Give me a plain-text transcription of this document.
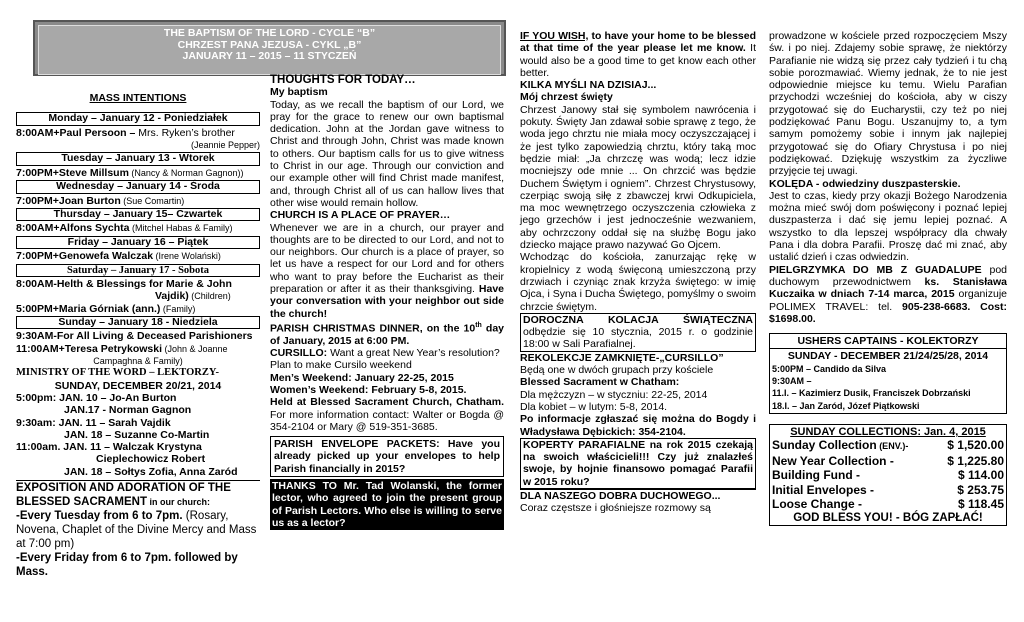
THE BAPTISM OF THE LORD - CYCLE “B”
CHRZEST PANA JEZUSA - CYKL „B”
JANUARY 11 – 2015 – 11 STYCZEŃ
MASS INTENTIONS
Monday – January 12 - Poniedziałek

8:00AM+Paul Persoon – Mrs. Ryken’s brother

(Jeannie Pepper)

Tuesday – January 13 - Wtorek

7:00PM+Steve Millsum (Nancy & Norman Gagnon))

Wednesday – January 14 - Środa

7:00PM+Joan Burton (Sue Comartin)

Thursday – January 15– Czwartek

8:00AM+Alfons Sychta (Mitchel Habas & Family)

Friday – January 16 – Piątek

7:00PM+Genowefa Walczak (Irene Wolański)

Saturday – January 17 - Sobota

8:00AM-Helth & Blessings for Marie & John

Vajdik) (Children)

5:00PM+Maria Górniak (ann.) (Family)

Sunday – January 18 - Niedziela

9:30AM-For All Living & Deceased Parishioners

11:00AM+Teresa Petrykowski (John & Joanne

Campaghna & Family)

MINISTRY OF THE WORD – LEKTORZY-

SUNDAY, DECEMBER 20/21, 2014

5:00pm: JAN. 10 – Jo-An Burton

JAN.17 - Norman Gagnon

9:30am: JAN. 11 – Sarah Vajdik

JAN. 18 – Suzanne Co-Martin

11:00am. JAN. 11 – Walczak Krystyna

Cieplechowicz Robert

JAN. 18 – Sołtys Zofia, Anna Zaród

EXPOSITION AND ADORATION OF THE

BLESSED SACRAMENT in our church:

-Every Tuesday from 6 to 7pm. (Rosary, Novena, Chaplet of the Divine Mercy and Mass at 7:00 pm)

-Every Friday from 6 to 7pm. followed by Mass.

THOUGHTS FOR TODAY…

My baptism

Today, as we recall the baptism of our Lord, we pray for the grace to renew our own baptismal dedication. John at the Jordan gave witness to Christ and through John, Christ was made known to others. Our baptism calls for us to give witness to Christ in our age. Through our conviction and our example other will find Christ made manifest, and, through Christ all of us can hallow lives that other wise would remain hollow.

CHURCH IS A PLACE OF PRAYER…

Whenever we are in a church, our prayer and thoughts are to be directed to our Lord, and not to our neighbors. Our church is a place of prayer, so let us have a respect for our Lord and for others who want to pray before the Eucharist as their preparation or after it as their thanksgiving. Have your conversation with your neighbor out side the church!

PARISH CHRISTMAS DINNER, on the 10th day of January, 2015 at 6:00 PM.

CURSILLO: Want a great New Year’s resolution? Plan to make Cursilo weekend

Men’s Weekend: January 22-25, 2015

Women’s Weekend: February 5-8, 2015.

Held at Blessed Sacrament Church, Chatham. For more information contact: Walter or Bogda @ 354-2104 or Mary @ 519-351-3685.

PARISH ENVELOPE PACKETS: Have you already picked up your envelopes to help Parish financially in 2015?
THANKS TO Mr. Tad Wolanski, the former lector, who agreed to join the present group of Parish Lectors. Who else is willing to serve us as a lector?

IF YOU WISH, to have your home to be blessed at that time of the year please let me know. It would also be a good time to get know each other better.

KILKA MYŚLI NA DZISIAJ...

Mój chrzest święty

Chrzest Janowy stał się symbolem nawrócenia i pokuty. Święty Jan zdawał sobie sprawę z tego, że woda jego chrztu nie miała mocy oczyszczającej i że jest tylko zapowiedzią chrztu, który taką moc będzie miał: „Ja chrzczę was wodą; lecz idzie mocniejszy ode mnie ... On chrzcić was będzie Duchem Świętym i ogniem”. Chrzest Chrystusowy, czerpiąc swoją siłę z zbawczej krwi Odkupiciela, ma moc wewnętrzego oczyszczenia człowieka z jego grzechów i jest jednocześnie wezwaniem, aby ochrzczony oddał się na służbę Bogu jako dziecko mające prawo nazywać Go Ojcem.

Wchodząc do kościoła, zanurzając rękę w kropielnicy z wodą święconą umieszczoną przy drzwiach i czyniąc znak krzyża świętego: w imię Ojca, i Syna i Ducha Świętego, pomyślmy o swoim chrzcie świętym.

DOROCZNA KOLACJA ŚWIĄTECZNA odbędzie się 10 stycznia, 2015 r. o godzinie 18:00 w Sali Parafialnej.

REKOLEKCJE ZAMKNIĘTE-„CURSILLO”

Będą one w dwóch grupach przy kościele

Blessed Sacrament w Chatham:

Dla mężczyzn – w styczniu: 22-25, 2014

Dla kobiet – w lutym: 5-8, 2014.

Po informacje zgłaszać się można do Bogdy i Władysława Dębickich: 354-2104.

KOPERTY PARAFIALNE na rok 2015 czekają na swoich właścicieli!!! Czy już znalazłeś swoje, by hojnie finansowo pomagać Parafii w 2015 roku?

DLA NASZEGO DOBRA DUCHOWEGO...

Coraz częstsze i głośniejsze rozmowy są

prowadzone w kościele przed rozpoczęciem Mszy św. i po niej. Zdajemy sobie sprawę, że niektórzy Parafianie nie widzą się przez cały tydzień i tu chą sobie porozmawiać. Wiemy jednak, że to nie jest odpowiednie miejsce ku temu. Wielu Parafian przychodzi wcześniej do kościoła, aby w ciszy przygotować się do Eucharystii, czy też po niej podziękować Panu Bogu. Uszanujmy to, a tym samym pomożemy sobie i innym jak najlepiej przygotować się do Ofiary Chrystusa i po niej podziękować. Dziękuję wszystkim za życzliwe przyjęcie tej uwagi.

KOLĘDA - odwiedziny duszpasterskie.

Jest to czas, kiedy przy okazji Bożego Narodzenia można mieć swój dom poświęcony i poznać lepiej duszpasterza i dać się jemu lepiej poznać. A wszystko to dla lepszej współpracy dla chwały Pana i dla dobra Parafii. Proszę dać mi znać, aby ustalić dzień i czas odwiedzin.

PIELGRZYMKA DO MB Z GUADALUPE pod duchowym przewodnictwem ks. Stanisława Kuczaika w dniach 7-14 marca, 2015 organizuje POLIMEX TRAVEL: tel. 905-238-6683. Cost: $1698.00.

USHERS CAPTAINS - KOLEKTORZY

SUNDAY - DECEMBER 21/24/25/28, 2014

5:00PM – Candido da Silva

9:30AM –

11.I. – Kazimierz Dusik, Franciszek Dobrzański

18.I. – Jan Zaród, Józef Piątkowski

SUNDAY COLLECTIONS: Jan. 4, 2015

Sunday Collection (ENV.)-	$ 1,520.00
New Year Collection -	$ 1,225.80
Building Fund -	$ 114.00
Initial Envelopes -	$ 253.75
Loose Change -	$ 118.45

GOD BLESS YOU! - BÓG ZAPŁAĆ!
